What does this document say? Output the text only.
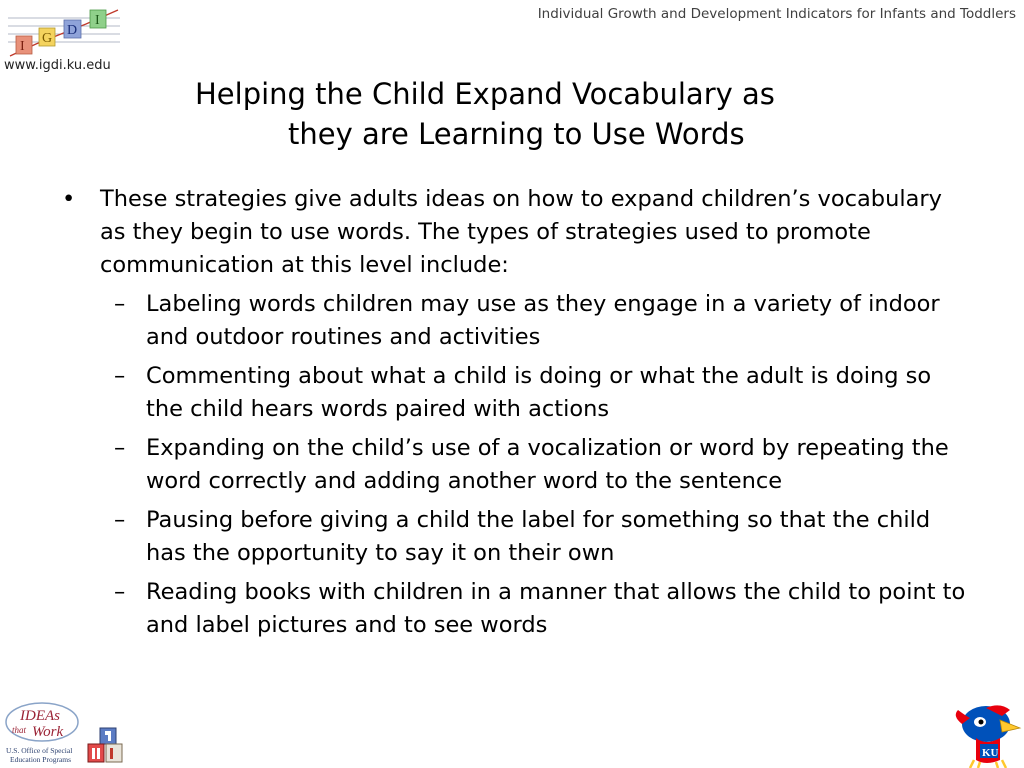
Individual Growth and Development Indicators for Infants and Toddlers
I
G
D
I
www.igdi.ku.edu
Helping the Child Expand Vocabulary as
they are Learning to Use Words
• These strategies give adults ideas on how to expand children’s vocabulary as they begin to use words. The types of strategies used to promote communication at this level include:
– Labeling words children may use as they engage in a variety of indoor and outdoor routines and activities
– Commenting about what a child is doing or what the adult is doing so the child hears words paired with actions
– Expanding on the child’s use of a vocalization or word by repeating the word correctly and adding another word to the sentence
– Pausing before giving a child the label for something so that the child has the opportunity to say it on their own
– Reading books with children in a manner that allows the child to point to and label pictures and to see words
IDEAs
that Work
U.S. Office of Special
Education Programs
KU
